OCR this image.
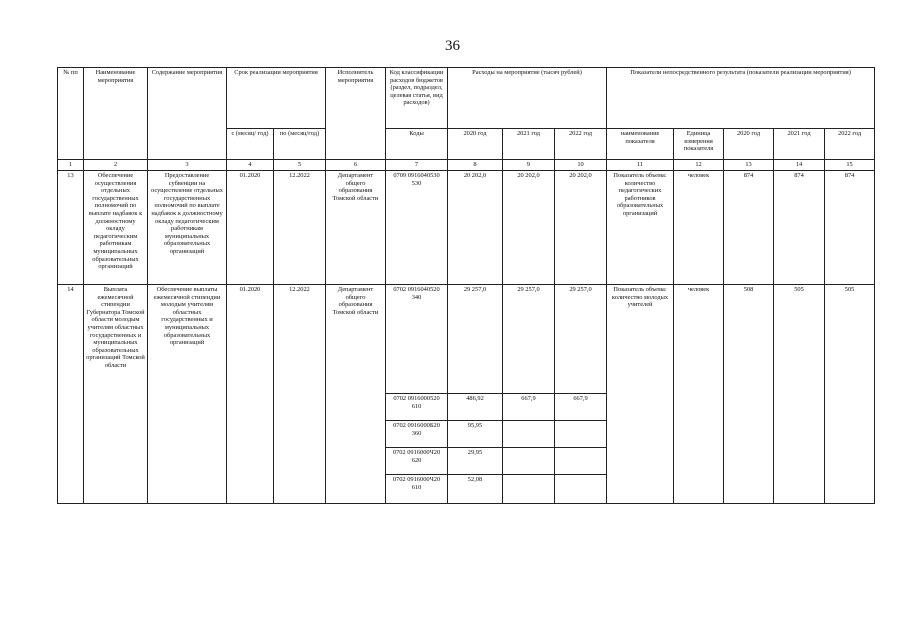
36
№ пп	Наименование мероприятия	Содержание мероприятия	Срок реализации мероприятия		Исполнитель мероприятия	Код классификации расходов бюджетов (раздел, подраздел, целевая статья, вид расходов)	Расходы на мероприятие (тысяч рублей)			Показатели непосредственного результата (показатели реализации мероприятия)				
			с (месяц/ год)	по (месяц/год)		Коды	2020 год	2021 год	2022 год	наименование показателя	Единица измерения показателя	2020 год	2021 год	2022 год
1	2	3	4	5	6	7	8	9	10	11	12	13	14	15
13	Обеспечение осуществления отдельных государственных полномочий по выплате надбавок к должностному окладу педагогическим работникам муниципальных образовательных организаций	Предоставление субвенции на осуществление отдельных государственных полномочий по выплате надбавок к должностному окладу педагогическим работникам муниципальных образовательных организаций	01.2020	12.2022	Департамент общего образования Томской области	0709 0916040530 530	20 202,0	20 202,0	20 202,0	Показатель объема: количество педагогических работников образовательных организаций	человек	874	874	874
14	Выплата ежемесячной стипендии Губернатора Томской области молодым учителям областных государственных и муниципальных образовательных организаций Томской области	Обеспечение выплаты ежемесячной стипендии молодым учителям областных государственных и муниципальных образовательных организаций	01.2020	12.2022	Департамент общего образования Томской области	0702 0916040520 340	29 257,0	29 257,0	29 257,0	Показатель объема: количество молодых учителей	человек	508	505	505
						0702 0916000520 610	486,92	667,9	667,9					
						0702 0916000Б20 360	95,95							
						0702 0916000Ч20 620	29,95							
						0702 0916000Ч20 610	52,08							
